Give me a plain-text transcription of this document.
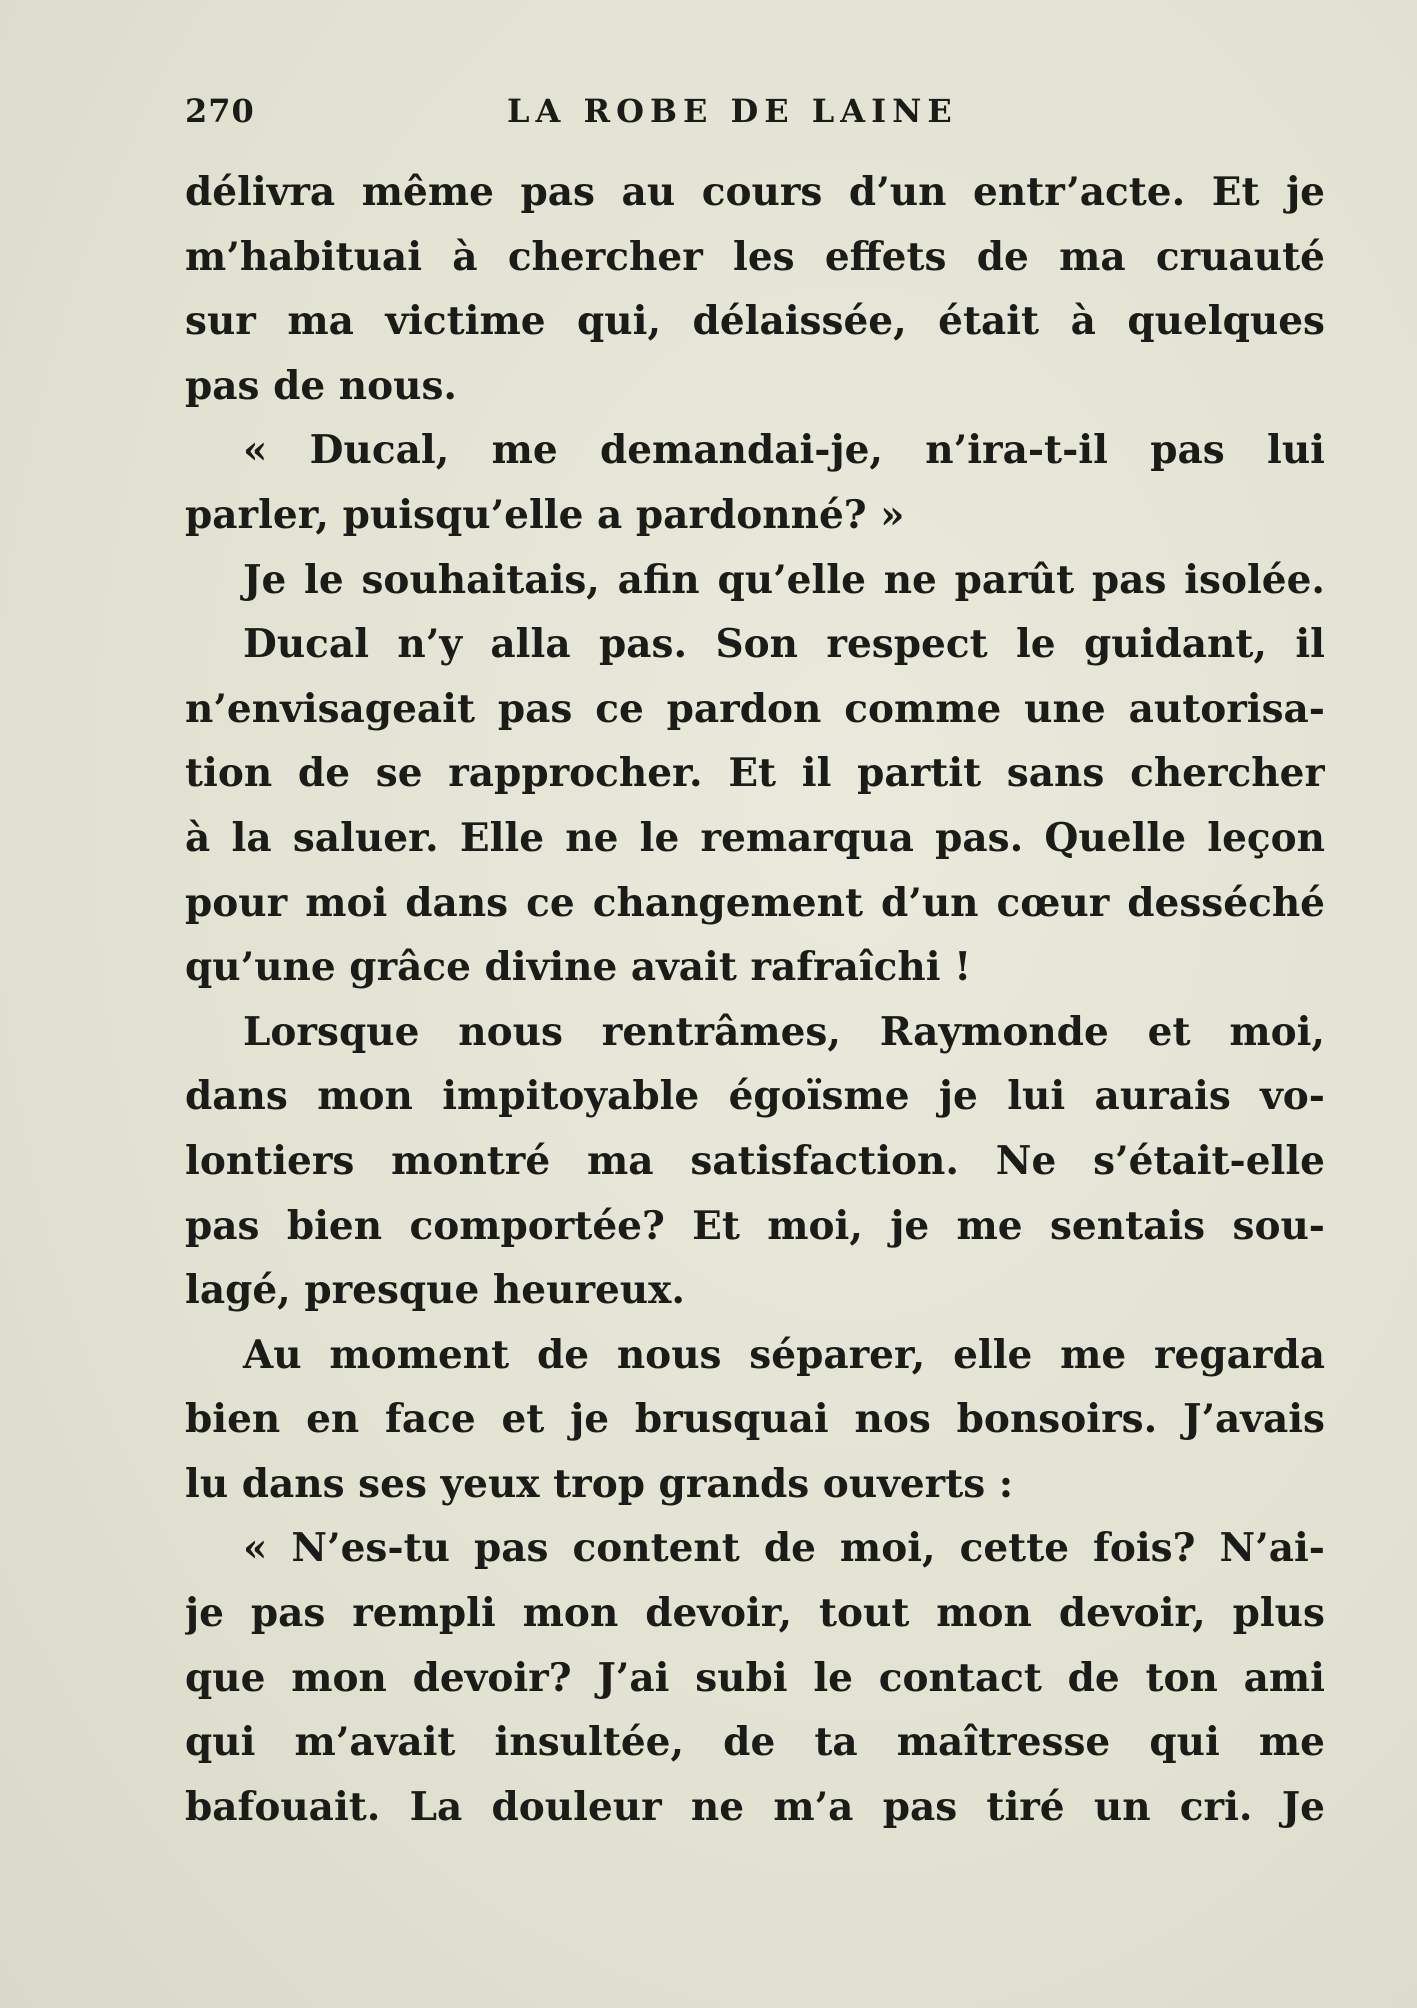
270	LA ROBE DE LAINE
délivra même pas au cours d’un entr’acte. Et je
m’habituai à chercher les effets de ma cruauté
sur ma victime qui, délaissée, était à quelques
pas de nous.
« Ducal, me demandai-je, n’ira-t-il pas lui
parler, puisqu’elle a pardonné? »
Je le souhaitais, afin qu’elle ne parût pas isolée.
Ducal n’y alla pas. Son respect le guidant, il
n’envisageait pas ce pardon comme une autorisa-
tion de se rapprocher. Et il partit sans chercher
à la saluer. Elle ne le remarqua pas. Quelle leçon
pour moi dans ce changement d’un cœur desséché
qu’une grâce divine avait rafraîchi !
Lorsque nous rentrâmes, Raymonde et moi,
dans mon impitoyable égoïsme je lui aurais vo-
lontiers montré ma satisfaction. Ne s’était-elle
pas bien comportée? Et moi, je me sentais sou-
lagé, presque heureux.
Au moment de nous séparer, elle me regarda
bien en face et je brusquai nos bonsoirs. J’avais
lu dans ses yeux trop grands ouverts :
« N’es-tu pas content de moi, cette fois? N’ai-
je pas rempli mon devoir, tout mon devoir, plus
que mon devoir? J’ai subi le contact de ton ami
qui m’avait insultée, de ta maîtresse qui me
bafouait. La douleur ne m’a pas tiré un cri. Je
